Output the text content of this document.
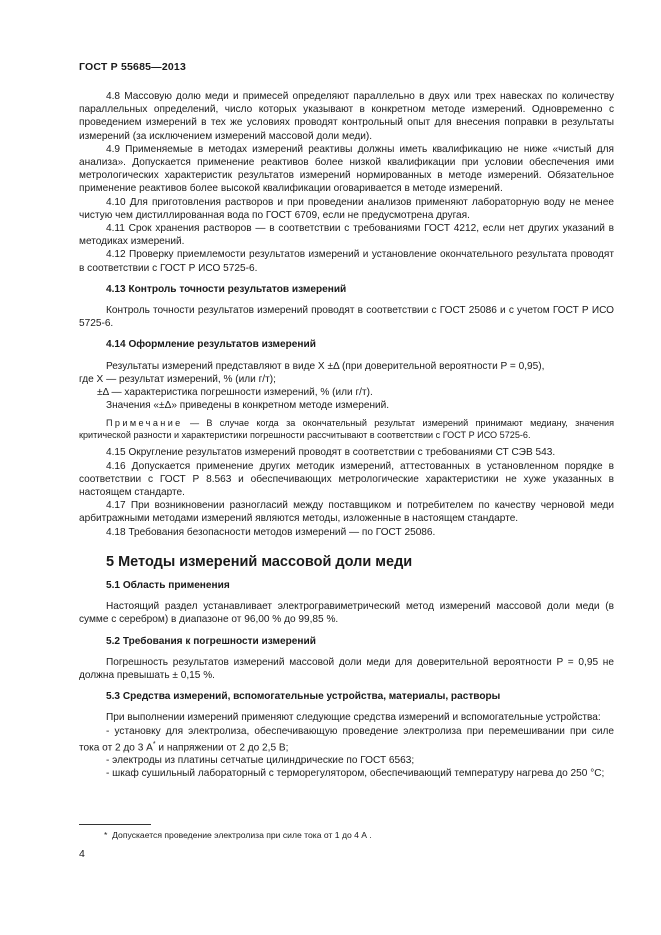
ГОСТ Р 55685—2013

4.8 Массовую долю меди и примесей определяют параллельно в двух или трех навесках по количеству параллельных определений, число которых указывают в конкретном методе измерений. Одновременно с проведением измерений в тех же условиях проводят контрольный опыт для внесения поправки в результаты измерений (за исключением измерений массовой доли меди).

4.9 Применяемые в методах измерений реактивы должны иметь квалификацию не ниже «чистый для анализа». Допускается применение реактивов более низкой квалификации при условии обеспечения ими метрологических характеристик результатов измерений нормированных в методе измерений. Обязательное применение реактивов более высокой квалификации оговаривается в методе измерений.

4.10 Для приготовления растворов и при проведении анализов применяют лабораторную воду не менее чистую чем дистиллированная вода по ГОСТ 6709, если не предусмотрена другая.

4.11 Срок хранения растворов — в соответствии с требованиями ГОСТ 4212, если нет других указаний в методиках измерений.

4.12 Проверку приемлемости результатов измерений и установление окончательного результата проводят в соответствии с ГОСТ Р ИСО 5725-6.

4.13 Контроль точности результатов измерений

Контроль точности результатов измерений проводят в соответствии с ГОСТ 25086 и с учетом ГОСТ Р ИСО 5725-6.

4.14 Оформление результатов измерений

Результаты измерений представляют в виде X ±Δ (при доверительной вероятности P = 0,95),

где X — результат измерений, % (или г/т);

±Δ — характеристика погрешности измерений, % (или г/т).

Значения «±Δ» приведены в конкретном методе измерений.

Примечание — В случае когда за окончательный результат измерений принимают медиану, значения критической разности и характеристики погрешности рассчитывают в соответствии с ГОСТ Р ИСО 5725-6.

4.15 Округление результатов измерений проводят в соответствии с требованиями СТ СЭВ 543.

4.16 Допускается применение других методик измерений, аттестованных в установленном порядке в соответствии с ГОСТ Р 8.563 и обеспечивающих метрологические характеристики не хуже указанных в настоящем стандарте.

4.17 При возникновении разногласий между поставщиком и потребителем по качеству черновой меди арбитражными методами измерений являются методы, изложенные в настоящем стандарте.

4.18 Требования безопасности методов измерений — по ГОСТ 25086.

5 Методы измерений массовой доли меди

5.1 Область применения

Настоящий раздел устанавливает электрогравиметрический метод измерений массовой доли меди (в сумме с серебром) в диапазоне от 96,00 % до 99,85 %.

5.2 Требования к погрешности измерений

Погрешность результатов измерений массовой доли меди для доверительной вероятности P = 0,95 не должна превышать ± 0,15 %.

5.3 Средства измерений, вспомогательные устройства, материалы, растворы

При выполнении измерений применяют следующие средства измерений и вспомогательные устройства:

- установку для электролиза, обеспечивающую проведение электролиза при перемешивании при силе тока от 2 до 3 А* и напряжении от 2 до 2,5 В;

- электроды из платины сетчатые цилиндрические по ГОСТ 6563;

- шкаф сушильный лабораторный с терморегулятором, обеспечивающий температуру нагрева до 250 °С;

* Допускается проведение электролиза при силе тока от 1 до 4 А .
4
